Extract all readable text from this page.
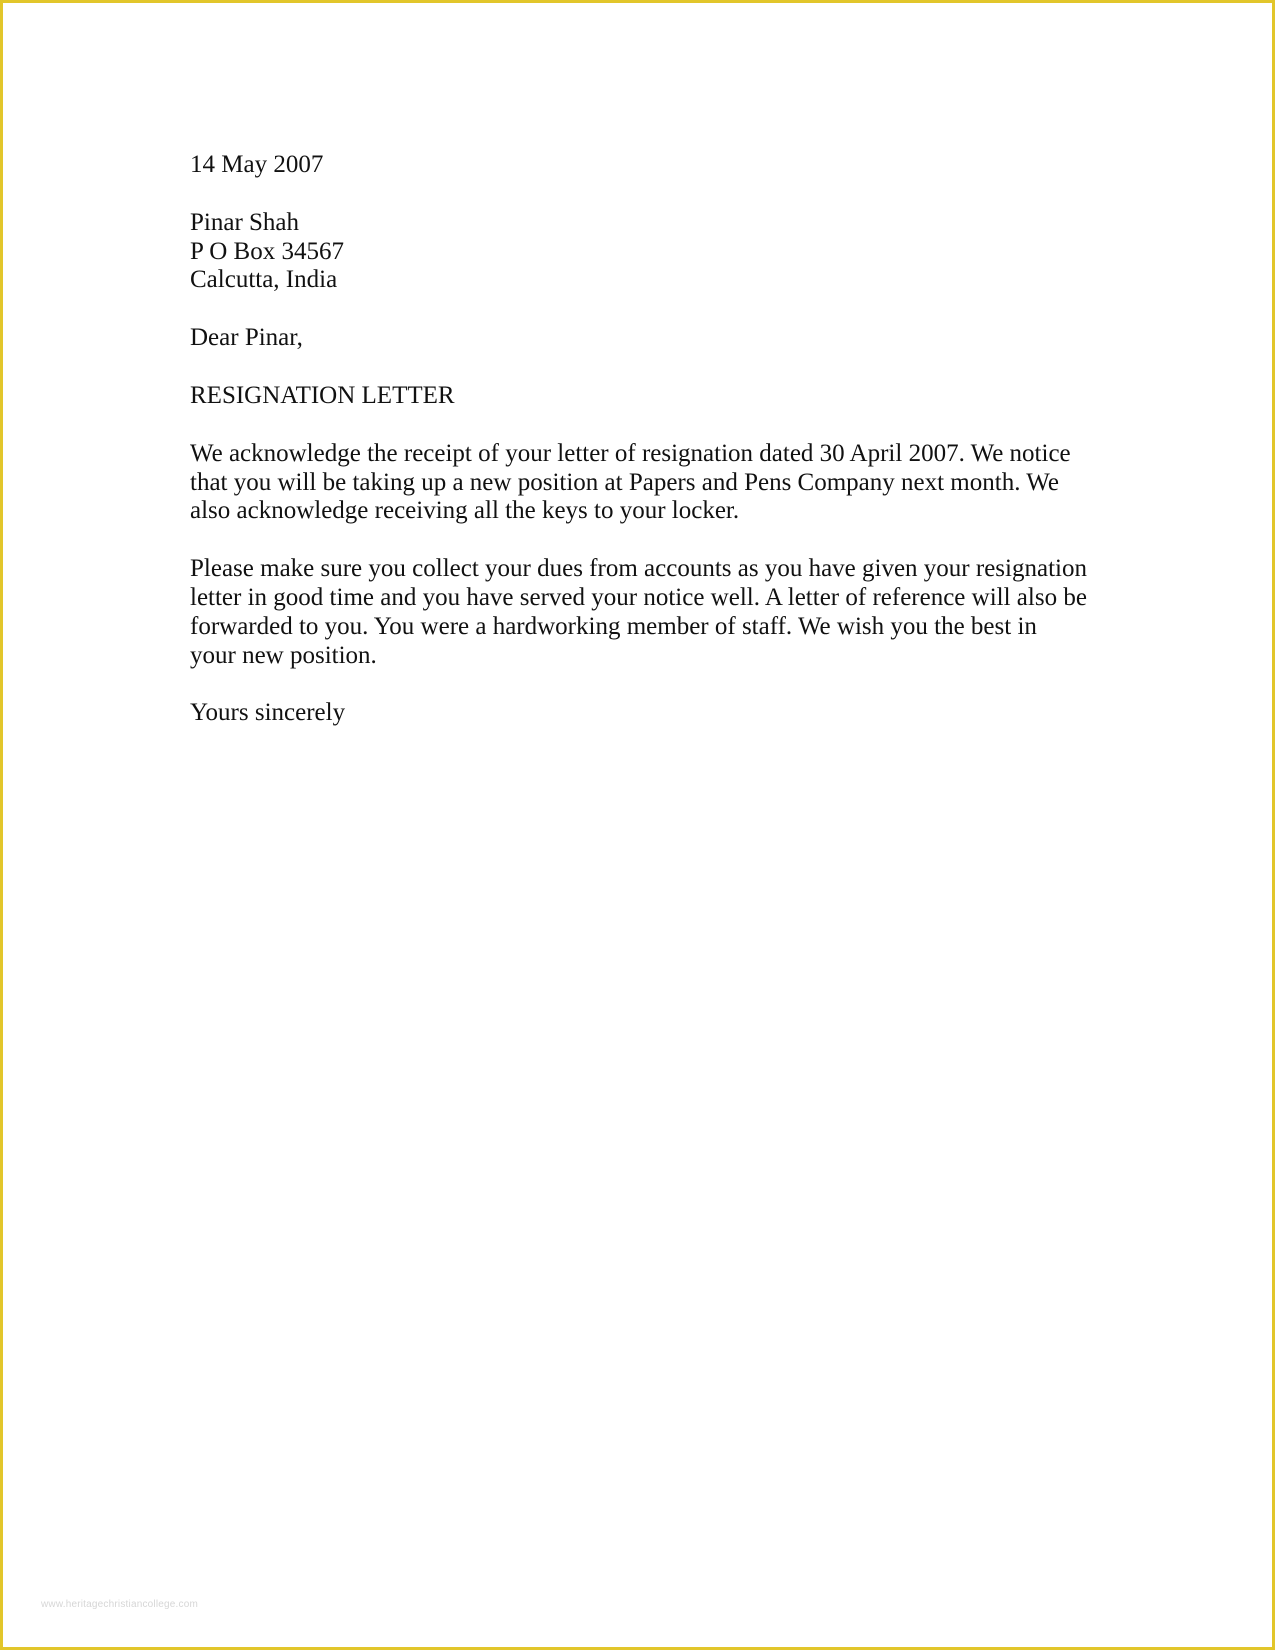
14 May 2007

Pinar Shah
P O Box 34567
Calcutta, India

Dear Pinar,

RESIGNATION LETTER

We acknowledge the receipt of your letter of resignation dated 30 April 2007. We notice
that you will be taking up a new position at Papers and Pens Company next month. We
also acknowledge receiving all the keys to your locker.

Please make sure you collect your dues from accounts as you have given your resignation
letter in good time and you have served your notice well. A letter of reference will also be
forwarded to you. You were a hardworking member of staff. We wish you the best in
your new position.

Yours sincerely

www.heritagechristiancollege.com
